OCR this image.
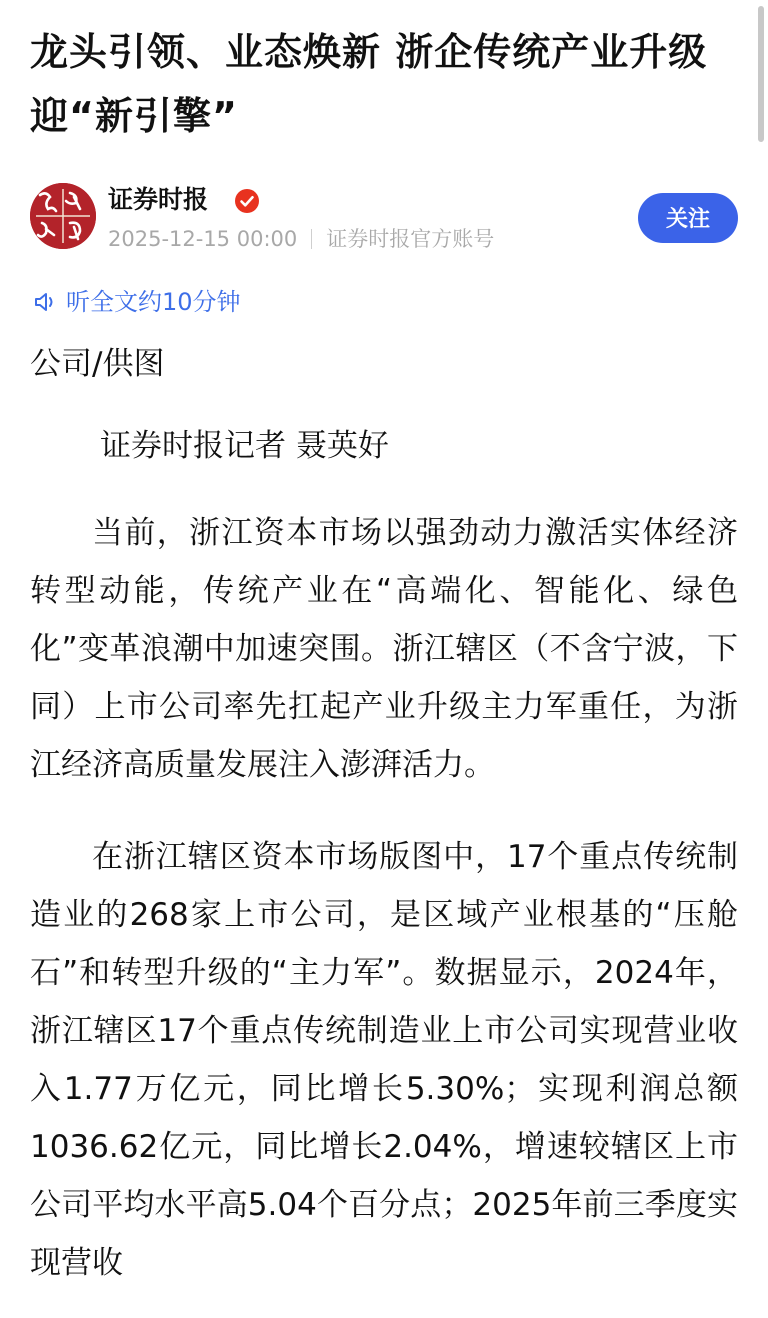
龙头引领、业态焕新 浙企传统产业升级迎“新引擎”
证券时报
2025-12-15 00:00 证券时报官方账号
关注
听全文约10分钟
公司/供图
证券时报记者 聂英好

当前，浙江资本市场以强劲动力激活实体经济转型动能，传统产业在“高端化、智能化、绿色化”变革浪潮中加速突围。浙江辖区（不含宁波，下同）上市公司率先扛起产业升级主力军重任，为浙江经济高质量发展注入澎湃活力。

在浙江辖区资本市场版图中，17个重点传统制造业的268家上市公司，是区域产业根基的“压舱石”和转型升级的“主力军”。数据显示，2024年，浙江辖区17个重点传统制造业上市公司实现营业收入1.77万亿元，同比增长5.30%；实现利润总额1036.62亿元，同比增长2.04%，增速较辖区上市公司平均水平高5.04个百分点；2025年前三季度实现营收
